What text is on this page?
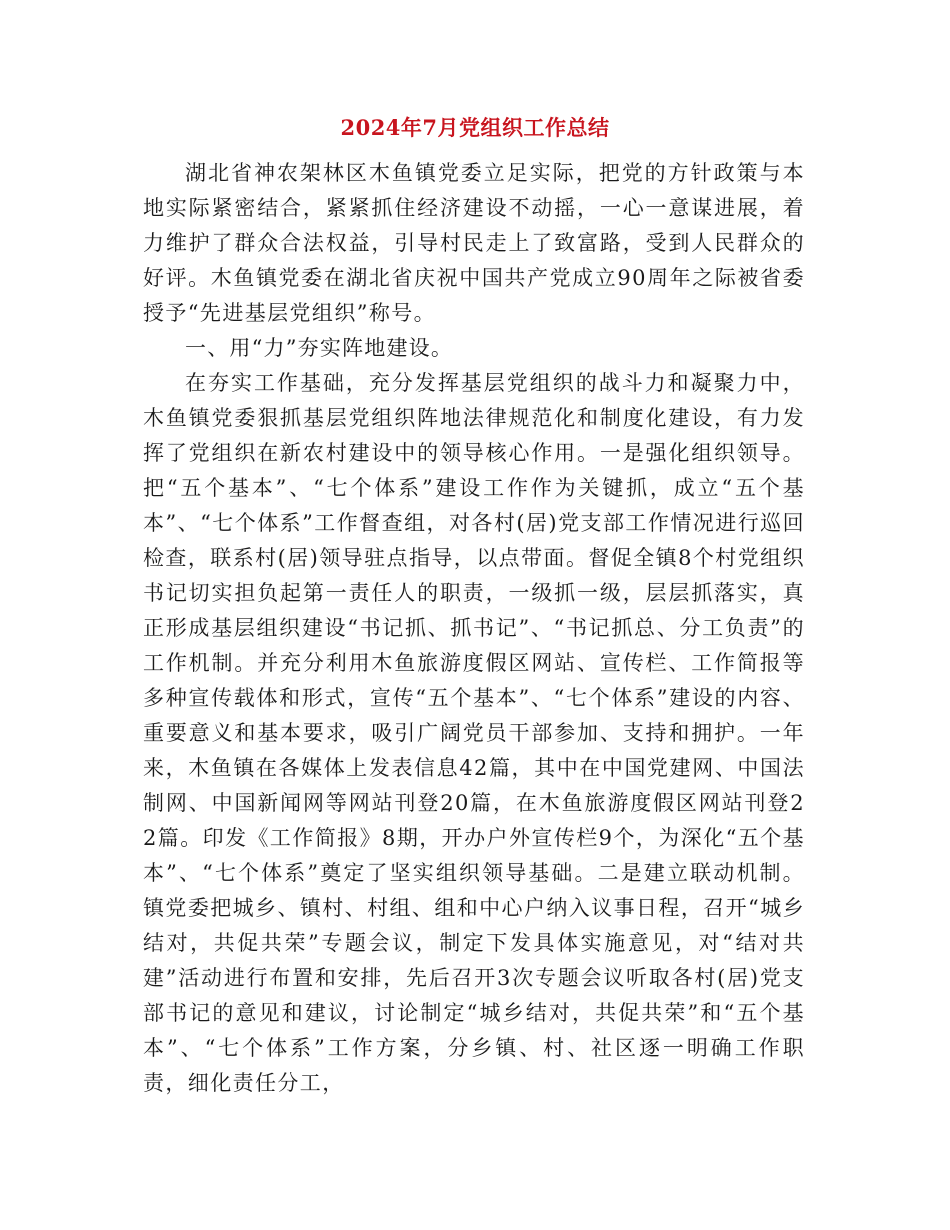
2024年7月党组织工作总结

湖北省神农架林区木鱼镇党委立足实际，把党的方针政策与本地实际紧密结合，紧紧抓住经济建设不动摇，一心一意谋进展，着力维护了群众合法权益，引导村民走上了致富路，受到人民群众的好评。木鱼镇党委在湖北省庆祝中国共产党成立90周年之际被省委授予“先进基层党组织”称号。

一、用“力”夯实阵地建设。

在夯实工作基础，充分发挥基层党组织的战斗力和凝聚力中，木鱼镇党委狠抓基层党组织阵地法律规范化和制度化建设，有力发挥了党组织在新农村建设中的领导核心作用。一是强化组织领导。把“五个基本”、“七个体系”建设工作作为关键抓，成立“五个基本”、“七个体系”工作督查组，对各村(居)党支部工作情况进行巡回检查，联系村(居)领导驻点指导，以点带面。督促全镇8个村党组织书记切实担负起第一责任人的职责，一级抓一级，层层抓落实，真正形成基层组织建设“书记抓、抓书记”、“书记抓总、分工负责”的工作机制。并充分利用木鱼旅游度假区网站、宣传栏、工作简报等多种宣传载体和形式，宣传“五个基本”、“七个体系”建设的内容、重要意义和基本要求，吸引广阔党员干部参加、支持和拥护。一年来，木鱼镇在各媒体上发表信息42篇，其中在中国党建网、中国法制网、中国新闻网等网站刊登20篇，在木鱼旅游度假区网站刊登22篇。印发《工作简报》8期，开办户外宣传栏9个，为深化“五个基本”、“七个体系”奠定了坚实组织领导基础。二是建立联动机制。镇党委把城乡、镇村、村组、组和中心户纳入议事日程，召开“城乡结对，共促共荣”专题会议，制定下发具体实施意见，对“结对共建”活动进行布置和安排，先后召开3次专题会议听取各村(居)党支部书记的意见和建议，讨论制定“城乡结对，共促共荣”和“五个基本”、“七个体系”工作方案，分乡镇、村、社区逐一明确工作职责，细化责任分工，
